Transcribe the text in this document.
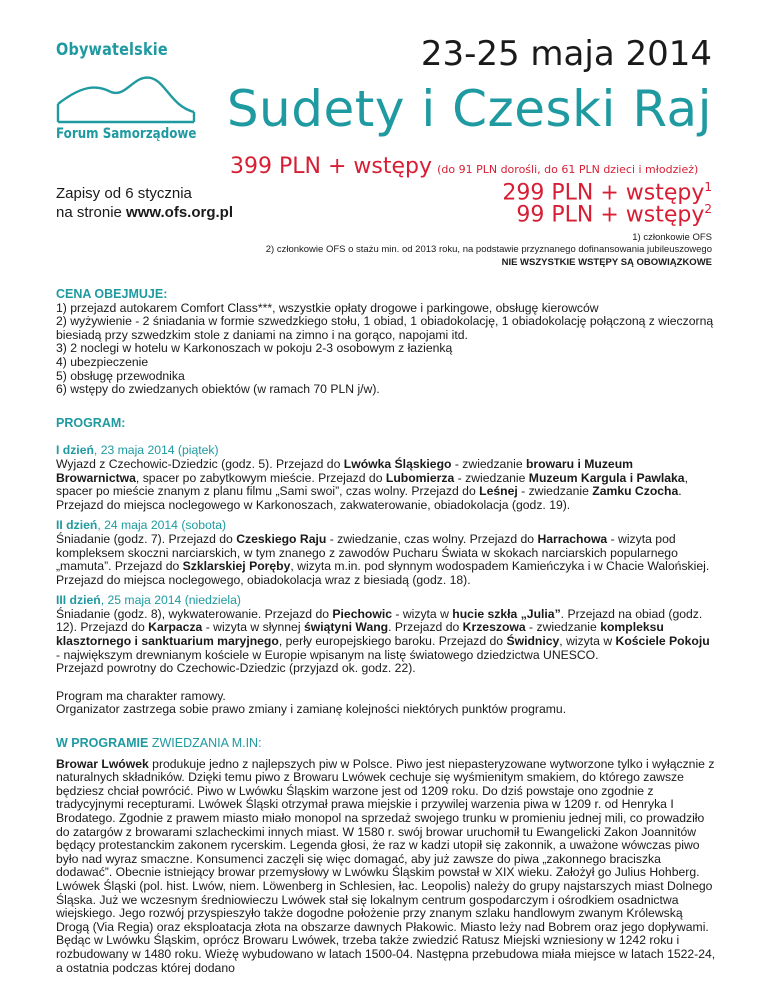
Obywatelskie
Forum Samorządowe
23-25 maja 2014
Sudety i Czeski Raj
399 PLN + wstępy (do 91 PLN dorośli, do 61 PLN dzieci i młodzież)
Zapisy od 6 stycznia
na stronie www.ofs.org.pl
299 PLN + wstępy$^1$
99 PLN + wstępy$^2$
1) członkowie OFS
2) członkowie OFS o stażu min. od 2013 roku, na podstawie przyznanego dofinansowania jubileuszowego
NIE WSZYSTKIE WSTĘPY SĄ OBOWIĄZKOWE
CENA OBEJMUJE:

1) przejazd autokarem Comfort Class***, wszystkie opłaty drogowe i parkingowe, obsługę kierowców

2) wyżywienie - 2 śniadania w formie szwedzkiego stołu, 1 obiad, 1 obiadokolację, 1 obiadokolację połączoną z wieczorną biesiadą przy szwedzkim stole z daniami na zimno i na gorąco, napojami itd.

3) 2 noclegi w hotelu w Karkonoszach w pokoju 2-3 osobowym z łazienką

4) ubezpieczenie

5) obsługę przewodnika

6) wstępy do zwiedzanych obiektów (w ramach 70 PLN j/w).

PROGRAM:
I dzień, 23 maja 2014 (piątek)

Wyjazd z Czechowic-Dziedzic (godz. 5). Przejazd do Lwówka Śląskiego - zwiedzanie browaru i Muzeum Browarnictwa, spacer po zabytkowym mieście. Przejazd do Lubomierza - zwiedzanie Muzeum Kargula i Pawlaka, spacer po mieście znanym z planu filmu „Sami swoi”, czas wolny. Przejazd do Leśnej - zwiedzanie Zamku Czocha.

Przejazd do miejsca noclegowego w Karkonoszach, zakwaterowanie, obiadokolacja (godz. 19).

II dzień, 24 maja 2014 (sobota)

Śniadanie (godz. 7). Przejazd do Czeskiego Raju - zwiedzanie, czas wolny. Przejazd do Harrachowa - wizyta pod kompleksem skoczni narciarskich, w tym znanego z zawodów Pucharu Świata w skokach narciarskich popularnego „mamuta”. Przejazd do Szklarskiej Poręby, wizyta m.in. pod słynnym wodospadem Kamieńczyka i w Chacie Walońskiej.

Przejazd do miejsca noclegowego, obiadokolacja wraz z biesiadą (godz. 18).

III dzień, 25 maja 2014 (niedziela)

Śniadanie (godz. 8), wykwaterowanie. Przejazd do Piechowic - wizyta w hucie szkła „Julia”. Przejazd na obiad (godz. 12). Przejazd do Karpacza - wizyta w słynnej świątyni Wang. Przejazd do Krzeszowa - zwiedzanie kompleksu klasztornego i sanktuarium maryjnego, perły europejskiego baroku. Przejazd do Świdnicy, wizyta w Kościele Pokoju - największym drewnianym kościele w Europie wpisanym na listę światowego dziedzictwa UNESCO.

Przejazd powrotny do Czechowic-Dziedzic (przyjazd ok. godz. 22).

Program ma charakter ramowy.

Organizator zastrzega sobie prawo zmiany i zamianę kolejności niektórych punktów programu.

W PROGRAMIE ZWIEDZANIA M.IN:

Browar Lwówek produkuje jedno z najlepszych piw w Polsce. Piwo jest niepasteryzowane wytworzone tylko i wyłącznie z naturalnych składników. Dzięki temu piwo z Browaru Lwówek cechuje się wyśmienitym smakiem, do którego zawsze będziesz chciał powrócić. Piwo w Lwówku Śląskim warzone jest od 1209 roku. Do dziś powstaje ono zgodnie z tradycyjnymi recepturami. Lwówek Śląski otrzymał prawa miejskie i przywilej warzenia piwa w 1209 r. od Henryka I Brodatego. Zgodnie z prawem miasto miało monopol na sprzedaż swojego trunku w promieniu jednej mili, co prowadziło do zatargów z browarami szlacheckimi innych miast. W 1580 r. swój browar uruchomił tu Ewangelicki Zakon Joannitów będący protestanckim zakonem rycerskim. Legenda głosi, że raz w kadzi utopił się zakonnik, a uważone wówczas piwo było nad wyraz smaczne. Konsumenci zaczęli się więc domagać, aby już zawsze do piwa „zakonnego braciszka dodawać”. Obecnie istniejący browar przemysłowy w Lwówku Śląskim powstał w XIX wieku. Założył go Julius Hohberg. Lwówek Śląski (pol. hist. Lwów, niem. Löwenberg in Schlesien, łac. Leopolis) należy do grupy najstarszych miast Dolnego Śląska. Już we wczesnym średniowieczu Lwówek stał się lokalnym centrum gospodarczym i ośrodkiem osadnictwa wiejskiego. Jego rozwój przyspieszyło także dogodne położenie przy znanym szlaku handlowym zwanym Królewską Drogą (Via Regia) oraz eksploatacja złota na obszarze dawnych Płakowic. Miasto leży nad Bobrem oraz jego dopływami. Będąc w Lwówku Śląskim, oprócz Browaru Lwówek, trzeba także zwiedzić Ratusz Miejski wzniesiony w 1242 roku i rozbudowany w 1480 roku. Wieżę wybudowano w latach 1500-04. Następna przebudowa miała miejsce w latach 1522-24, a ostatnia podczas której dodano
